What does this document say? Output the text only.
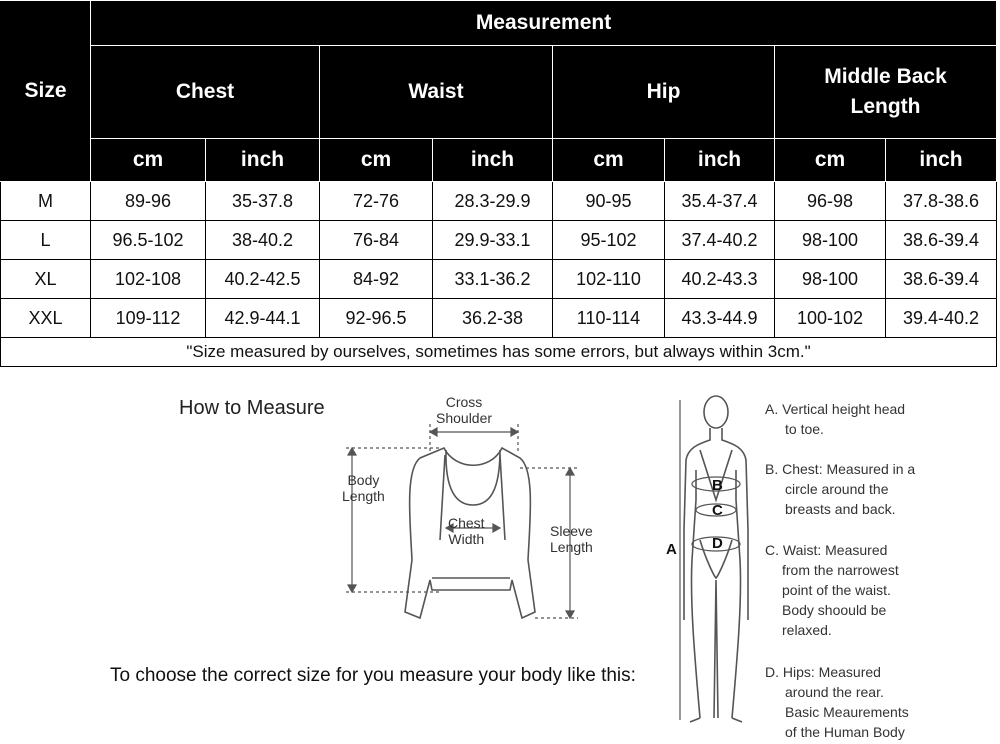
Size	Measurement							
	Chest		Waist		Hip		Middle Back Length	
	cm	inch	cm	inch	cm	inch	cm	inch
M	89-96	35-37.8	72-76	28.3-29.9	90-95	35.4-37.4	96-98	37.8-38.6
L	96.5-102	38-40.2	76-84	29.9-33.1	95-102	37.4-40.2	98-100	38.6-39.4
XL	102-108	40.2-42.5	84-92	33.1-36.2	102-110	40.2-43.3	98-100	38.6-39.4
XXL	109-112	42.9-44.1	92-96.5	36.2-38	110-114	43.3-44.9	100-102	39.4-40.2
"Size measured by ourselves, sometimes has some errors, but always within 3cm."								
How to Measure	Cross
Shoulder
Body
Length
Chest
Width	Sleeve
Length	A
B
C
D
A. Vertical height head
to toe.
B. Chest: Measured in a
circle around the
breasts and back.
C. Waist: Measured
from the narrowest
point of the waist.
Body shoould be
relaxed.
D. Hips: Measured
around the rear.
Basic Meaurements
of the Human Body
To choose the correct size for you measure your body like this:
